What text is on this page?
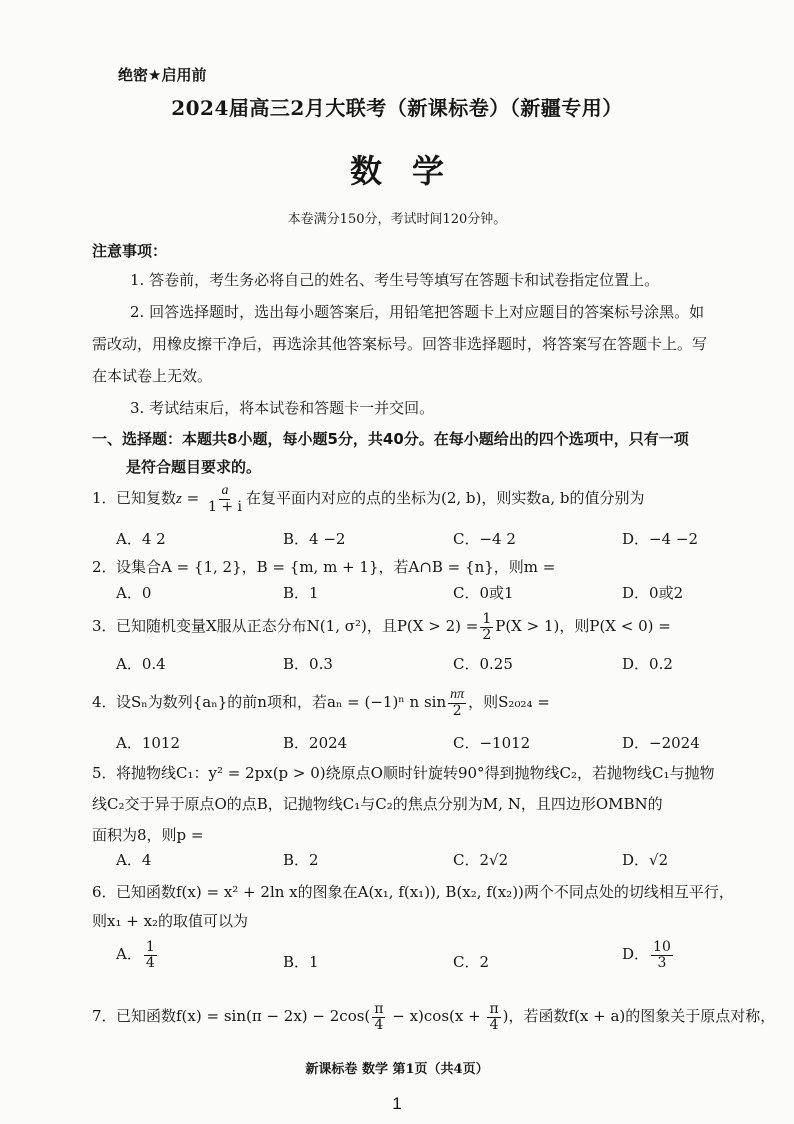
绝密★启用前
2024届高三2月大联考（新课标卷）（新疆专用）
数学
本卷满分150分，考试时间120分钟。
注意事项：
1. 答卷前，考生务必将自己的姓名、考生号等填写在答题卡和试卷指定位置上。
2. 回答选择题时，选出每小题答案后，用铅笔把答题卡上对应题目的答案标号涂黑。如
需改动，用橡皮擦干净后，再选涂其他答案标号。回答非选择题时，将答案写在答题卡上。写
在本试卷上无效。
3. 考试结束后，将本试卷和答题卡一并交回。
一、选择题：本题共8小题，每小题5分，共40分。在每小题给出的四个选项中，只有一项
是符合题目要求的。
1．已知复数$z = \frac{a}{1 + i}$ 在复平面内对应的点的坐标为(2, b)，则实数a, b的值分别为
A．4 2	B．4 −2	C．−4 2	D．−4 −2
2．设集合A = {1, 2}，B = {m, m + 1}，若A∩B = {n}，则m =
A．0	B．1	C．0或1	D．0或2
3．已知随机变量X服从正态分布N(1, σ²)，且$P(X > 2) = \frac{1}{2} P(X > 1)$，则P(X < 0) =
A．0.4	B．0.3	C．0.25	D．0.2
4．设Sₙ为数列{aₙ}的前n项和，若aₙ = (−1)ⁿ n $\sin \frac{n\pi}{2}$ ，则S₂₀₂₄ =
A．1012	B．2024	C．−1012	D．−2024
5．将抛物线C₁：y² = 2px(p > 0)绕原点O顺时针旋转90°得到抛物线C₂，若抛物线C₁与抛物
线C₂交于异于原点O的点B，记抛物线C₁与C₂的焦点分别为M, N，且四边形OMBN的
面积为8，则p =
A．4	B．2	C．2√2	D．√2
6．已知函数f(x) = x² + 2ln x的图象在A(x₁, f(x₁)), B(x₂, f(x₂))两个不同点处的切线相互平行，
则x₁ + x₂的取值可以为
A． $\frac{1}{4}$	B．1	C．2	D． $\frac{10}{3}$
7．已知函数$f(x) = \sin(\pi - 2x) - 2\cos( \frac{\pi}{4} - x)\cos(x + \frac{\pi}{4}$ )，若函数f(x + a)的图象关于原点对称，
新课标卷 数学 第1页（共4页）
1
